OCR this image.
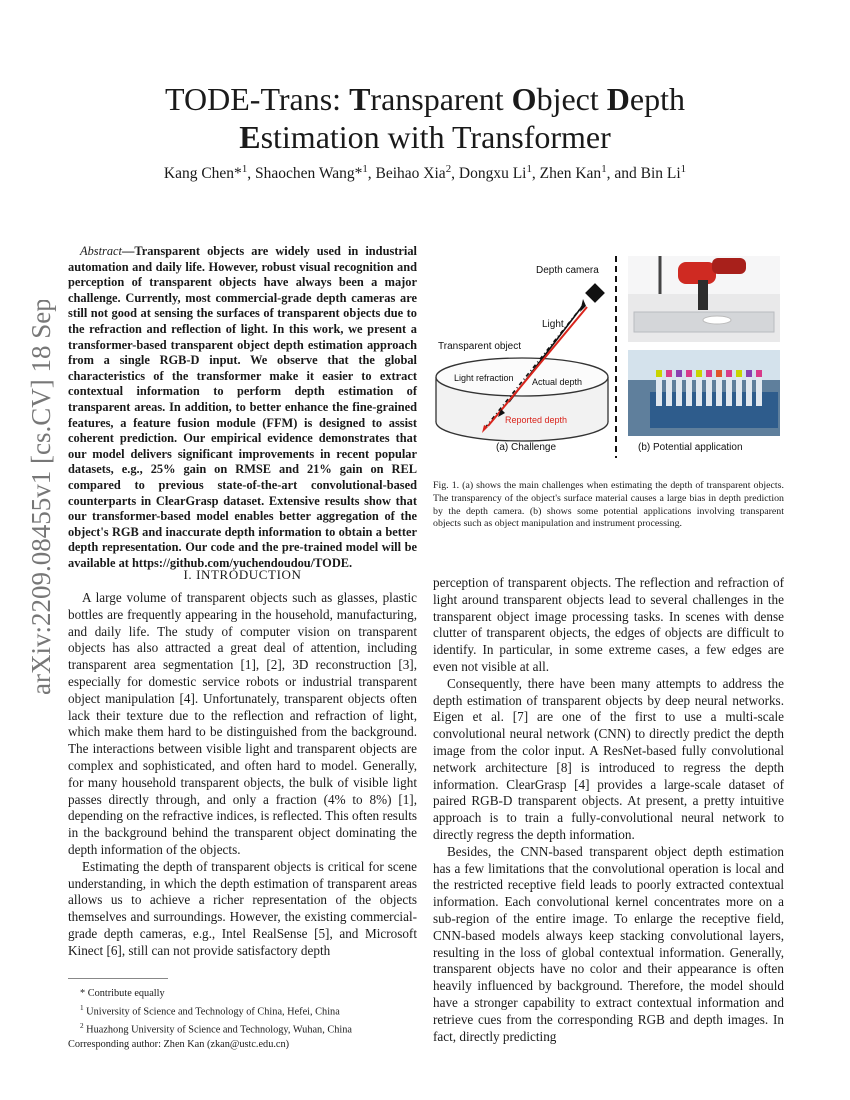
arXiv:2209.08455v1 [cs.CV] 18 Sep 2022
TODE-Trans: Transparent Object Depth
Estimation with Transformer
Kang Chen*$^1$, Shaochen Wang*$^1$, Beihao Xia$^2$, Dongxu Li$^1$, Zhen Kan$^1$, and Bin Li$^1$
Abstract—Transparent objects are widely used in industrial automation and daily life. However, robust visual recognition and perception of transparent objects have always been a major challenge. Currently, most commercial-grade depth cameras are still not good at sensing the surfaces of transparent objects due to the refraction and reflection of light. In this work, we present a transformer-based transparent object depth estimation approach from a single RGB-D input. We observe that the global characteristics of the transformer make it easier to extract contextual information to perform depth estimation of transparent areas. In addition, to better enhance the fine-grained features, a feature fusion module (FFM) is designed to assist coherent prediction. Our empirical evidence demonstrates that our model delivers significant improvements in recent popular datasets, e.g., 25% gain on RMSE and 21% gain on REL compared to previous state-of-the-art convolutional-based counterparts in ClearGrasp dataset. Extensive results show that our transformer-based model enables better aggregation of the object's RGB and inaccurate depth information to obtain a better depth representation. Our code and the pre-trained model will be available at https://github.com/yuchendoudou/TODE.
Depth camera
Light
Transparent object
Light refraction Actual depth
Reported depth
(a) Challenge	(b) Potential application
Fig. 1. (a) shows the main challenges when estimating the depth of transparent objects. The transparency of the object's surface material causes a large bias in depth prediction by the depth camera. (b) shows some potential applications involving transparent objects such as object manipulation and instrument processing.
I. INTRODUCTION

A large volume of transparent objects such as glasses, plastic bottles are frequently appearing in the household, manufacturing, and daily life. The study of computer vision on transparent objects has also attracted a great deal of attention, including transparent area segmentation [1], [2], 3D reconstruction [3], especially for domestic service robots or industrial transparent object manipulation [4]. Unfortunately, transparent objects often lack their texture due to the reflection and refraction of light, which make them hard to be distinguished from the background. The interactions between visible light and transparent objects are complex and sophisticated, and often hard to model. Generally, for many household transparent objects, the bulk of visible light passes directly through, and only a fraction (4% to 8%) [1], depending on the refractive indices, is reflected. This often results in the background behind the transparent object dominating the depth information of the objects.

Estimating the depth of transparent objects is critical for scene understanding, in which the depth estimation of transparent areas allows us to achieve a richer representation of the objects themselves and surroundings. However, the existing commercial-grade depth cameras, e.g., Intel RealSense [5], and Microsoft Kinect [6], still can not provide satisfactory depth

perception of transparent objects. The reflection and refraction of light around transparent objects lead to several challenges in the transparent object image processing tasks. In scenes with dense clutter of transparent objects, the edges of objects are difficult to identify. In particular, in some extreme cases, a few edges are even not visible at all.

Consequently, there have been many attempts to address the depth estimation of transparent objects by deep neural networks. Eigen et al. [7] are one of the first to use a multi-scale convolutional neural network (CNN) to directly predict the depth image from the color input. A ResNet-based fully convolutional network architecture [8] is introduced to regress the depth information. ClearGrasp [4] provides a large-scale dataset of paired RGB-D transparent objects. At present, a pretty intuitive approach is to train a fully-convolutional neural network to directly regress the depth information.

Besides, the CNN-based transparent object depth estimation has a few limitations that the convolutional operation is local and the restricted receptive field leads to poorly extracted contextual information. Each convolutional kernel concentrates more on a sub-region of the entire image. To enlarge the receptive field, CNN-based models always keep stacking convolutional layers, resulting in the loss of global contextual information. Generally, transparent objects have no color and their appearance is often heavily influenced by background. Therefore, the model should have a stronger capability to extract contextual information and retrieve cues from the corresponding RGB and depth images. In fact, directly predicting

* Contribute equally
$^1$ University of Science and Technology of China, Hefei, China
$^2$ Huazhong University of Science and Technology, Wuhan, China
Corresponding author: Zhen Kan (zkan@ustc.edu.cn)
